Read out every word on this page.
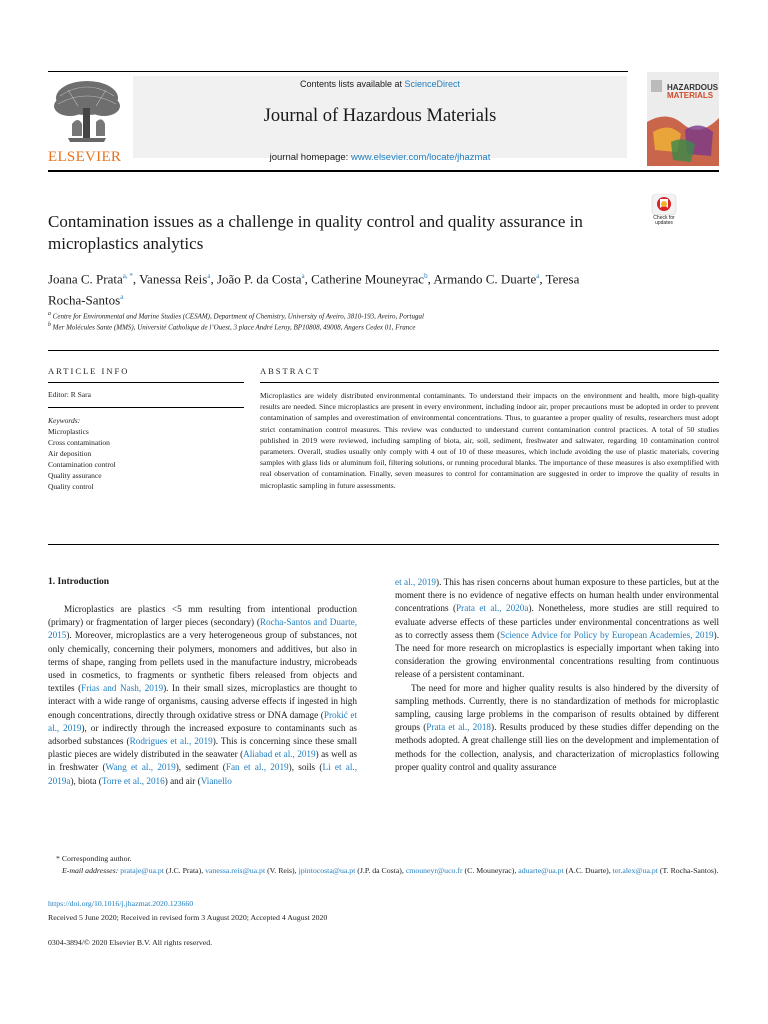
ELSEVIER
Contents lists available at ScienceDirect
Journal of Hazardous Materials
journal homepage: www.elsevier.com/locate/jhazmat
HAZARDOUS
MATERIALS
Contamination issues as a challenge in quality control and quality assurance in microplastics analytics
Check for
updates
Joana C. Prata$^{a, *}$, Vanessa Reis$^a$, João P. da Costa$^a$, Catherine Mouneyrac$^b$, Armando C. Duarte$^a$, Teresa Rocha-Santos$^a$
$^a$ Centre for Environmental and Marine Studies (CESAM), Department of Chemistry, University of Aveiro, 3810-193, Aveiro, Portugal
$^b$ Mer Molécules Sante (MMS), Université Catholique de l’Ouest, 3 place André Leroy, BP10808, 49008, Angers Cedex 01, France
ARTICLE INFO
Editor: R Sara
Keywords:
Microplastics
Cross contamination
Air deposition
Contamination control
Quality assurance
Quality control
ABSTRACT
Microplastics are widely distributed environmental contaminants. To understand their impacts on the environment and health, more high-quality results are needed. Since microplastics are present in every environment, including indoor air, proper precautions must be adopted in order to prevent contamination of samples and overestimation of environmental concentrations. Thus, to guarantee a proper quality of results, researchers must adopt strict contamination control measures. This review was conducted to understand current contamination control practices. A total of 50 studies published in 2019 were reviewed, including sampling of biota, air, soil, sediment, freshwater and saltwater, regarding 10 contamination control parameters. Overall, studies usually only comply with 4 out of 10 of these measures, which include avoiding the use of plastic materials, covering samples with glass lids or aluminum foil, filtering solutions, or running procedural blanks. The importance of these measures is also exemplified with real observation of contamination. Finally, seven measures to control for contamination are suggested in order to improve the quality of results in microplastic sampling in future assessments.
1. Introduction

Microplastics are plastics <5 mm resulting from intentional production (primary) or fragmentation of larger pieces (secondary) (Rocha-Santos and Duarte, 2015). Moreover, microplastics are a very heterogeneous group of substances, not only chemically, concerning their polymers, monomers and additives, but also in terms of shape, ranging from pellets used in the manufacture industry, microbeads used in cosmetics, to fragments or synthetic fibers released from objects and textiles (Frias and Nash, 2019). In their small sizes, microplastics are thought to interact with a wide range of organisms, causing adverse effects if ingested in high enough concentrations, directly through oxidative stress or DNA damage (Prokić et al., 2019), or indirectly through the increased exposure to contaminants such as adsorbed substances (Rodrigues et al., 2019). This is concerning since these small plastic pieces are widely distributed in the seawater (Aliabad et al., 2019) as well as in freshwater (Wang et al., 2019), sediment (Fan et al., 2019), soils (Li et al., 2019a), biota (Torre et al., 2016) and air (Vianello

et al., 2019). This has risen concerns about human exposure to these particles, but at the moment there is no evidence of negative effects on human health under environmental concentrations (Prata et al., 2020a). Nonetheless, more studies are still required to evaluate adverse effects of these particles under environmental concentrations as well as to correctly assess them (Science Advice for Policy by European Academies, 2019). The need for more research on microplastics is especially important when taking into consideration the growing environmental concentrations resulting from continuous release of a persistent contaminant.

The need for more and higher quality results is also hindered by the diversity of sampling methods. Currently, there is no standardization of methods for microplastic sampling, causing large problems in the comparison of results obtained by different groups (Prata et al., 2018). Results produced by these studies differ depending on the methods adopted. A great challenge still lies on the development and implementation of methods for the collection, analysis, and characterization of microplastics following proper quality control and quality assurance

* Corresponding author.
E-mail addresses: prataje@ua.pt (J.C. Prata), vanessa.reis@ua.pt (V. Reis), jpintocosta@ua.pt (J.P. da Costa), cmouneyr@uco.fr (C. Mouneyrac), aduarte@ua.pt (A.C. Duarte), ter.alex@ua.pt (T. Rocha-Santos).
https://doi.org/10.1016/j.jhazmat.2020.123660
Received 5 June 2020; Received in revised form 3 August 2020; Accepted 4 August 2020
0304-3894/© 2020 Elsevier B.V. All rights reserved.
